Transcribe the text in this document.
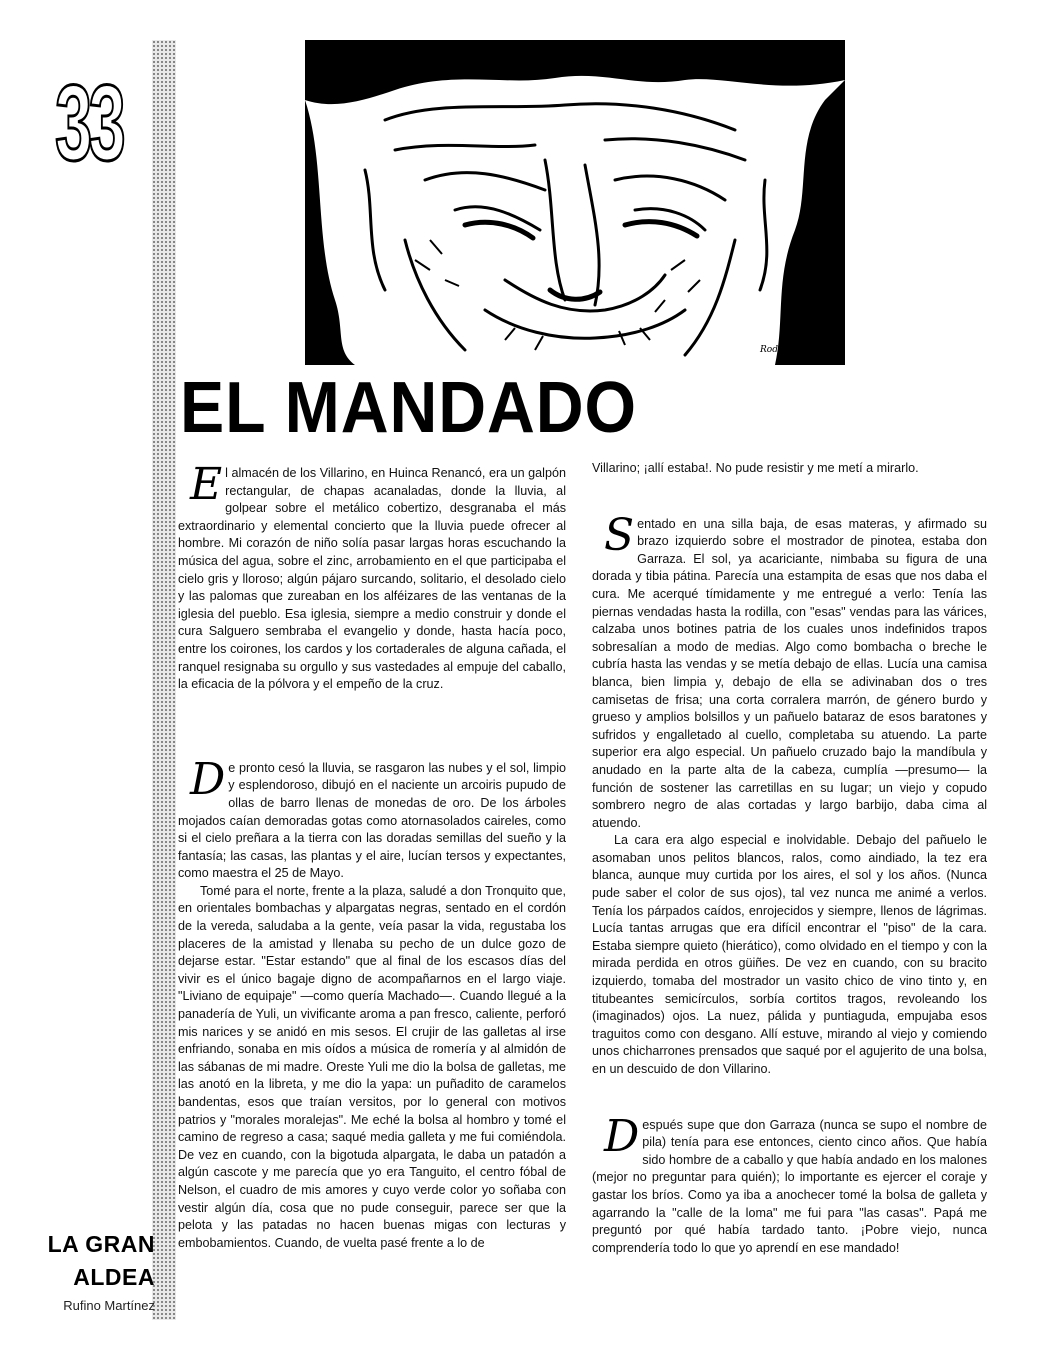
33
Rodriguez 85
EL MANDADO

El almacén de los Villarino, en Huinca Renancó, era un galpón rectangular, de chapas acanaladas, donde la lluvia, al golpear sobre el metálico cobertizo, desgranaba el más extraordinario y elemental concierto que la lluvia puede ofrecer al hombre. Mi corazón de niño solía pasar largas horas escuchando la música del agua, sobre el zinc, arrobamiento en el que participaba el cielo gris y lloroso; algún pájaro surcando, solitario, el desolado cielo y las palomas que zureaban en los alféizares de las ventanas de la iglesia del pueblo. Esa iglesia, siempre a medio construir y donde el cura Salguero sembraba el evangelio y donde, hasta hacía poco, entre los coirones, los cardos y los cortaderales de alguna cañada, el ranquel resignaba su orgullo y sus vastedades al empuje del caballo, la eficacia de la pólvora y el empeño de la cruz.

De pronto cesó la lluvia, se rasgaron las nubes y el sol, limpio y esplendoroso, dibujó en el naciente un arcoiris pupudo de ollas de barro llenas de monedas de oro. De los árboles mojados caían demoradas gotas como atornasolados caireles, como si el cielo preñara a la tierra con las doradas semillas del sueño y la fantasía; las casas, las plantas y el aire, lucían tersos y expectantes, como maestra el 25 de Mayo.

Tomé para el norte, frente a la plaza, saludé a don Tronquito que, en orientales bombachas y alpargatas negras, sentado en el cordón de la vereda, saludaba a la gente, veía pasar la vida, regustaba los placeres de la amistad y llenaba su pecho de un dulce gozo de dejarse estar. "Estar estando" que al final de los escasos días del vivir es el único bagaje digno de acompañarnos en el largo viaje. "Liviano de equipaje" —como quería Machado—. Cuando llegué a la panadería de Yuli, un vivificante aroma a pan fresco, caliente, perforó mis narices y se anidó en mis sesos. El crujir de las galletas al irse enfriando, sonaba en mis oídos a música de romería y al almidón de las sábanas de mi madre. Oreste Yuli me dio la bolsa de galletas, me las anotó en la libreta, y me dio la yapa: un puñadito de caramelos bandentas, esos que traían versitos, por lo general con motivos patrios y "morales moralejas". Me eché la bolsa al hombro y tomé el camino de regreso a casa; saqué media galleta y me fui comiéndola. De vez en cuando, con la bigotuda alpargata, le daba un patadón a algún cascote y me parecía que yo era Tanguito, el centro fóbal de Nelson, el cuadro de mis amores y cuyo verde color yo soñaba con vestir algún día, cosa que no pude conseguir, parece ser que la pelota y las patadas no hacen buenas migas con lecturas y embobamientos. Cuando, de vuelta pasé frente a lo de

Villarino; ¡allí estaba!. No pude resistir y me metí a mirarlo.

Sentado en una silla baja, de esas materas, y afirmado su brazo izquierdo sobre el mostrador de pinotea, estaba don Garraza. El sol, ya acariciante, nimbaba su figura de una dorada y tibia pátina. Parecía una estampita de esas que nos daba el cura. Me acerqué tímidamente y me entregué a verlo: Tenía las piernas vendadas hasta la rodilla, con "esas" vendas para las várices, calzaba unos botines patria de los cuales unos indefinidos trapos sobresalían a modo de medias. Algo como bombacha o breche le cubría hasta las vendas y se metía debajo de ellas. Lucía una camisa blanca, bien limpia y, debajo de ella se adivinaban dos o tres camisetas de frisa; una corta corralera marrón, de género burdo y grueso y amplios bolsillos y un pañuelo bataraz de esos baratones y sufridos y engalletado al cuello, completaba su atuendo. La parte superior era algo especial. Un pañuelo cruzado bajo la mandíbula y anudado en la parte alta de la cabeza, cumplía —presumo— la función de sostener las carretillas en su lugar; un viejo y copudo sombrero negro de alas cortadas y largo barbijo, daba cima al atuendo.

La cara era algo especial e inolvidable. Debajo del pañuelo le asomaban unos pelitos blancos, ralos, como aindiado, la tez era blanca, aunque muy curtida por los aires, el sol y los años. (Nunca pude saber el color de sus ojos), tal vez nunca me animé a verlos. Tenía los párpados caídos, enrojecidos y siempre, llenos de lágrimas. Lucía tantas arrugas que era difícil encontrar el "piso" de la cara. Estaba siempre quieto (hierático), como olvidado en el tiempo y con la mirada perdida en otros güiñes. De vez en cuando, con su bracito izquierdo, tomaba del mostrador un vasito chico de vino tinto y, en titubeantes semicírculos, sorbía cortitos tragos, revoleando los (imaginados) ojos. La nuez, pálida y puntiaguda, empujaba esos traguitos como con desgano. Allí estuve, mirando al viejo y comiendo unos chicharrones prensados que saqué por el agujerito de una bolsa, en un descuido de don Villarino.

Después supe que don Garraza (nunca se supo el nombre de pila) tenía para ese entonces, ciento cinco años. Que había sido hombre de a caballo y que había andado en los malones (mejor no preguntar para quién); lo importante es ejercer el coraje y gastar los bríos. Como ya iba a anochecer tomé la bolsa de galleta y agarrando la "calle de la loma" me fui para "las casas". Papá me preguntó por qué había tardado tanto. ¡Pobre viejo, nunca comprendería todo lo que yo aprendí en ese mandado!

LA GRAN
ALDEA
Rufino Martínez
